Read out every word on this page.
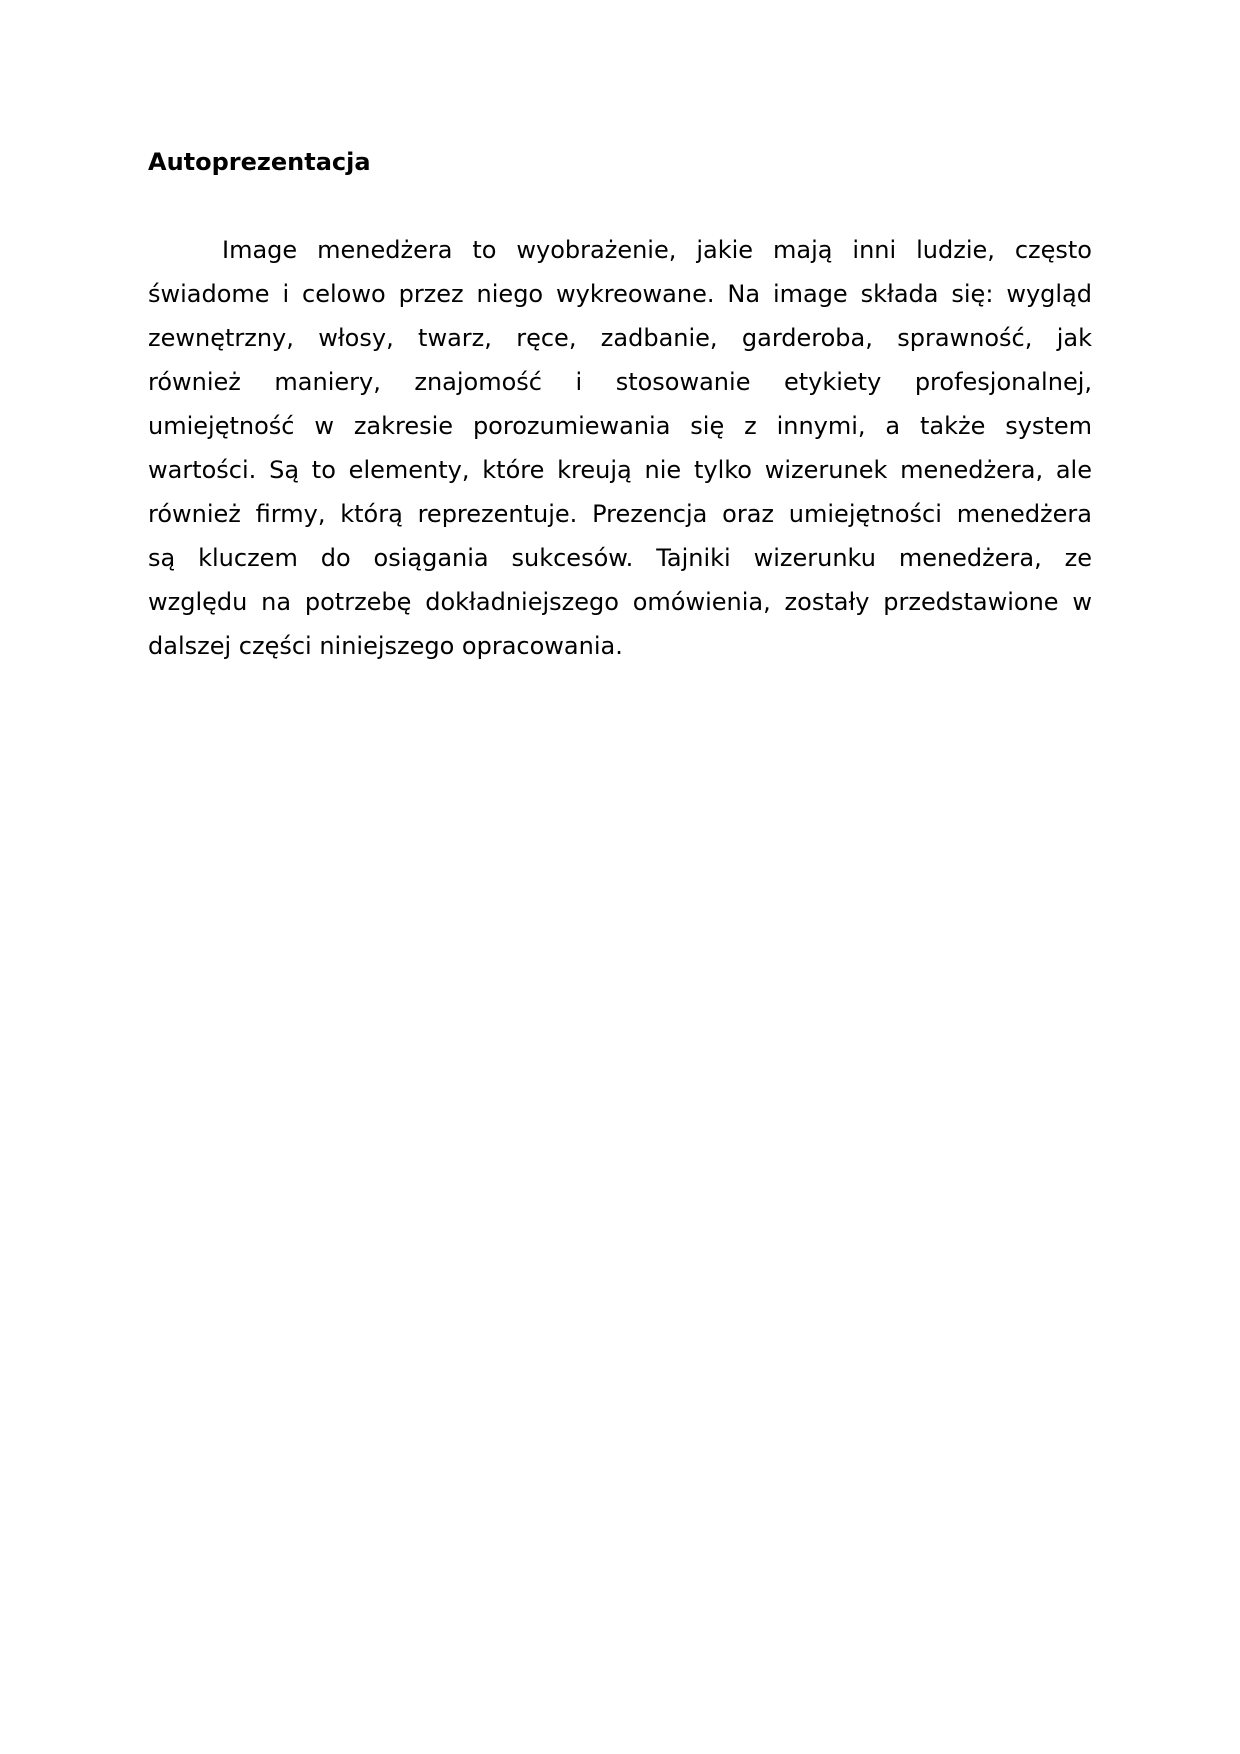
Autoprezentacja
Image menedżera to wyobrażenie, jakie mają inni ludzie, często
świadome i celowo przez niego wykreowane. Na image składa się: wygląd
zewnętrzny, włosy, twarz, ręce, zadbanie, garderoba, sprawność, jak
również maniery, znajomość i stosowanie etykiety profesjonalnej,
umiejętność w zakresie porozumiewania się z innymi, a także system
wartości. Są to elementy, które kreują nie tylko wizerunek menedżera, ale
również firmy, którą reprezentuje. Prezencja oraz umiejętności menedżera
są kluczem do osiągania sukcesów. Tajniki wizerunku menedżera, ze
względu na potrzebę dokładniejszego omówienia, zostały przedstawione w
dalszej części niniejszego opracowania.
